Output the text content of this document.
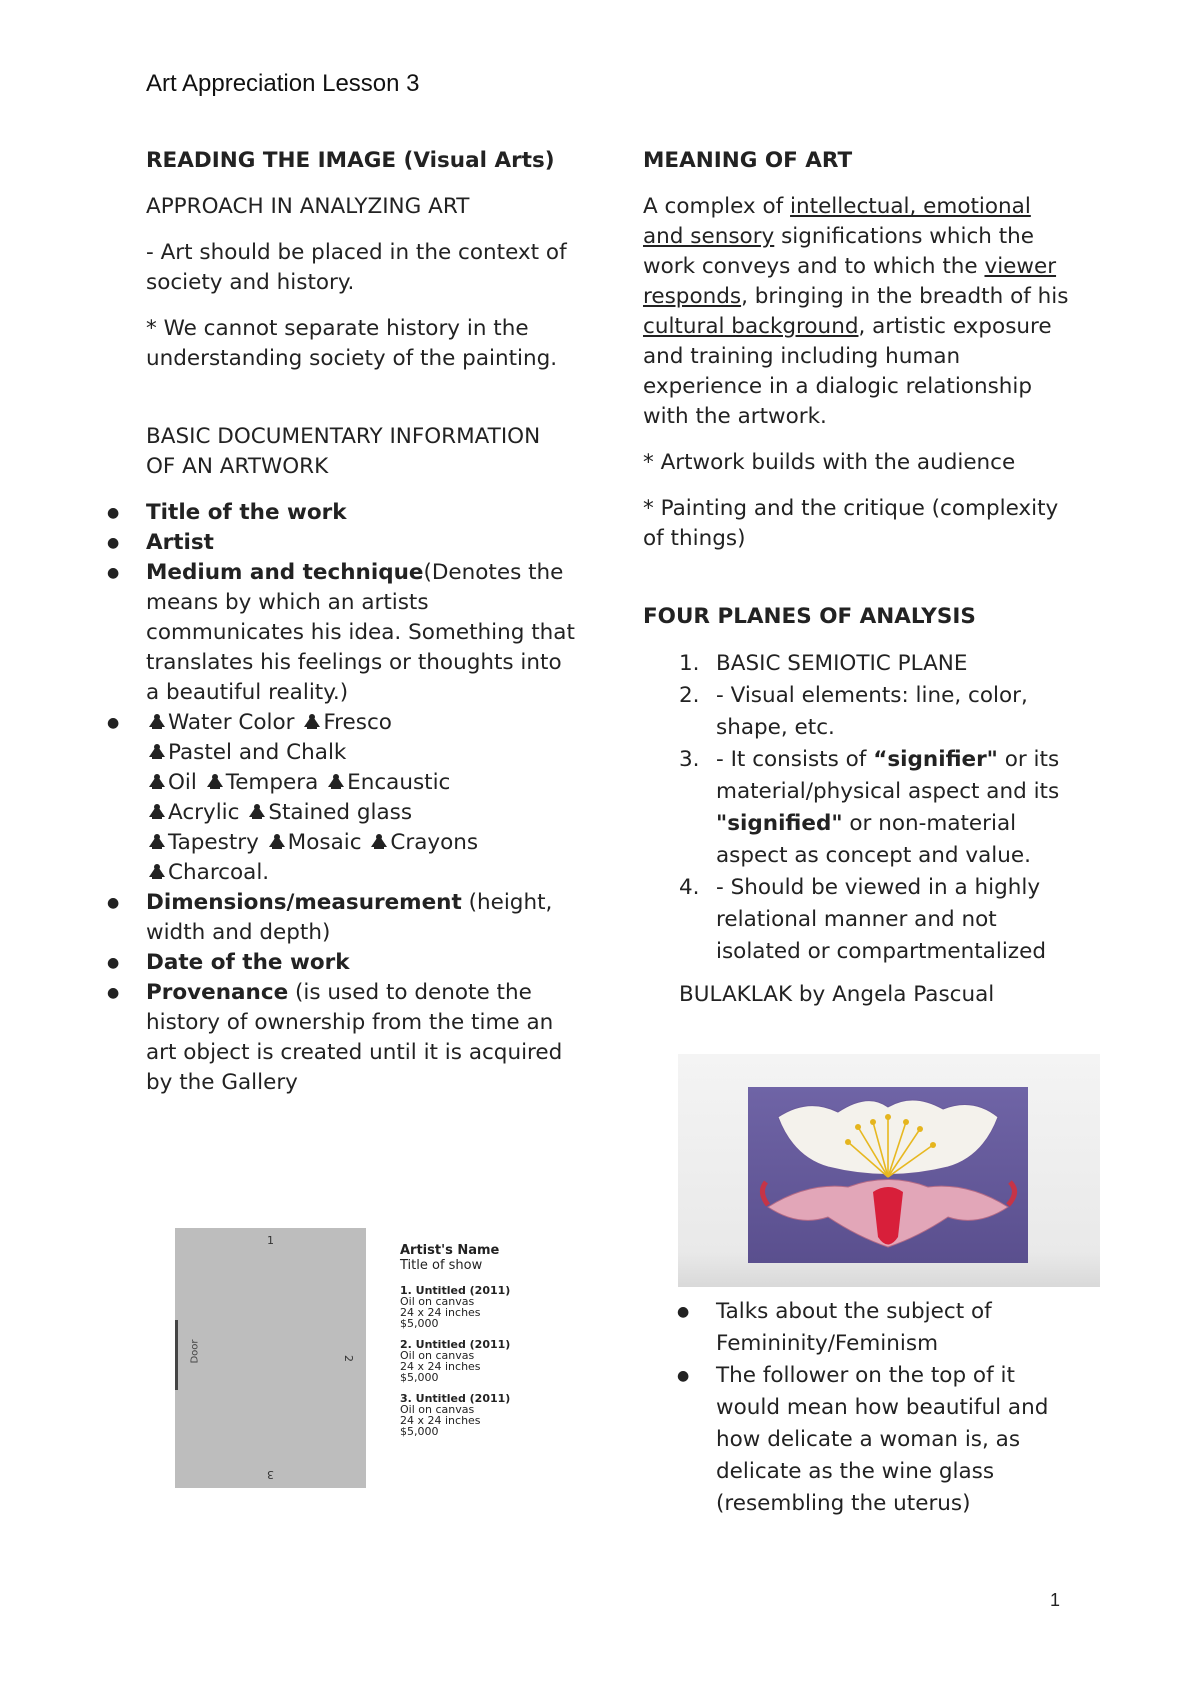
Art Appreciation Lesson 3

READING THE IMAGE (Visual Arts)

APPROACH IN ANALYZING ART

- Art should be placed in the context of society and history.

* We cannot separate history in the understanding society of the painting.

BASIC DOCUMENTARY INFORMATION OF AN ARTWORK

● Title of the work
● Artist
● Medium and technique(Denotes the means by which an artists communicates his idea. Something that translates his feelings or thoughts into a beautiful reality.)
● Water Color Fresco
Pastel and Chalk
Oil Tempera Encaustic
Acrylic Stained glass
Tapestry Mosaic Crayons
Charcoal.
● Dimensions/measurement (height, width and depth)
● Date of the work
● Provenance (is used to denote the history of ownership from the time an art object is created until it is acquired by the Gallery
1
2
3
Door
Artist's Name
Title of show
1. Untitled (2011)
Oil on canvas
24 x 24 inches
$5,000
2. Untitled (2011)
Oil on canvas
24 x 24 inches
$5,000
3. Untitled (2011)
Oil on canvas
24 x 24 inches
$5,000

MEANING OF ART

A complex of intellectual, emotional and sensory significations which the work conveys and to which the viewer responds, bringing in the breadth of his cultural background, artistic exposure and training including human experience in a dialogic relationship with the artwork.

* Artwork builds with the audience

* Painting and the critique (complexity of things)

FOUR PLANES OF ANALYSIS

1. BASIC SEMIOTIC PLANE
2. - Visual elements: line, color, shape, etc.
3. - It consists of “signifier" or its material/physical aspect and its "signified" or non-material aspect as concept and value.
4. - Should be viewed in a highly relational manner and not isolated or compartmentalized

BULAKLAK by Angela Pascual

● Talks about the subject of Femininity/Feminism
● The follower on the top of it would mean how beautiful and how delicate a woman is, as delicate as the wine glass (resembling the uterus)
1
